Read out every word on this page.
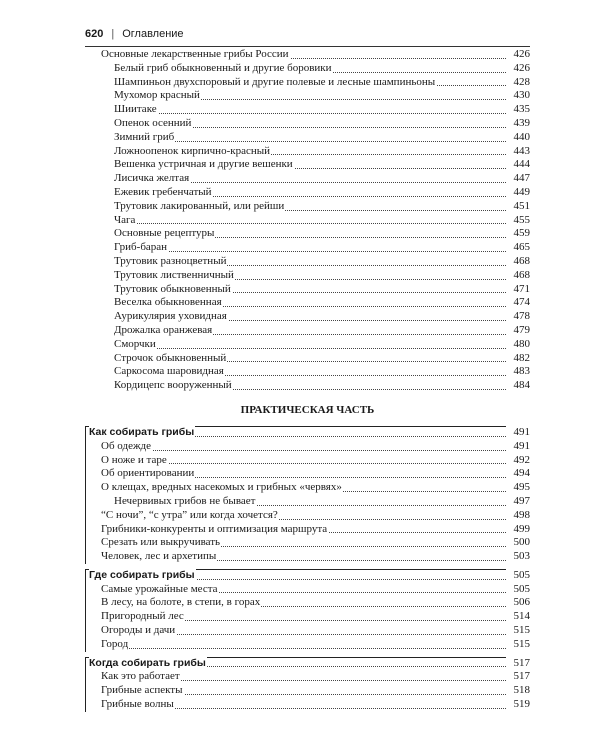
620 | Оглавление
Основные лекарственные грибы России	426
Белый гриб обыкновенный и другие боровики	426
Шампиньон двухспоровый и другие полевые и лесные шампиньоны	428
Мухомор красный	430
Шиитаке	435
Опенок осенний	439
Зимний гриб	440
Ложноопенок кирпично-красный	443
Вешенка устричная и другие вешенки	444
Лисичка желтая	447
Ежевик гребенчатый	449
Трутовик лакированный, или рейши	451
Чага	455
Основные рецептуры	459
Гриб-баран	465
Трутовик разноцветный	468
Трутовик лиственничный	468
Трутовик обыкновенный	471
Веселка обыкновенная	474
Аурикулярия уховидная	478
Дрожалка оранжевая	479
Сморчки	480
Строчок обыкновенный	482
Саркосома шаровидная	483
Кордицепс вооруженный	484
ПРАКТИЧЕСКАЯ ЧАСТЬ
Как собирать грибы	491
Об одежде	491
О ноже и таре	492
Об ориентировании	494
О клещах, вредных насекомых и грибных «червях»	495
Нечервивых грибов не бывает	497
“С ночи”, “с утра” или когда хочется?	498
Грибники-конкуренты и оптимизация маршрута	499
Срезать или выкручивать	500
Человек, лес и архетипы	503
Где собирать грибы	505
Самые урожайные места	505
В лесу, на болоте, в степи, в горах	506
Пригородный лес	514
Огороды и дачи	515
Город	515
Когда собирать грибы	517
Как это работает	517
Грибные аспекты	518
Грибные волны	519
